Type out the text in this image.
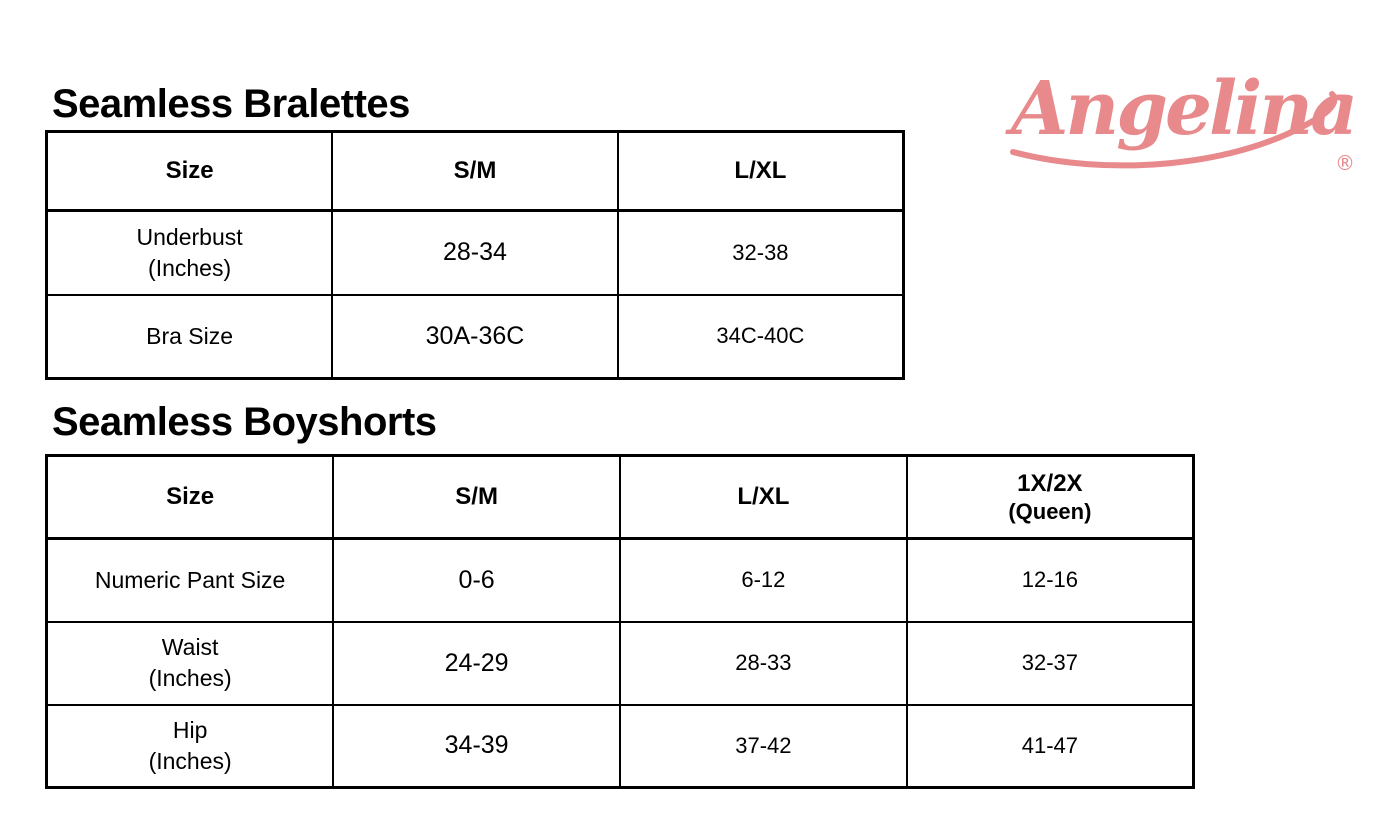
Seamless Bralettes
Size	S/M	L/XL

Underbust
(Inches)	28-34	32-38

Bra Size	30A-36C	34C-40C
Seamless Boyshorts
Size	S/M	L/XL	1X/2X
(Queen)

Numeric Pant Size	0-6	6-12	12-16

Waist
(Inches)	24-29	28-33	32-37

Hip
(Inches)	34-39	37-42	41-47
Angelina
®
